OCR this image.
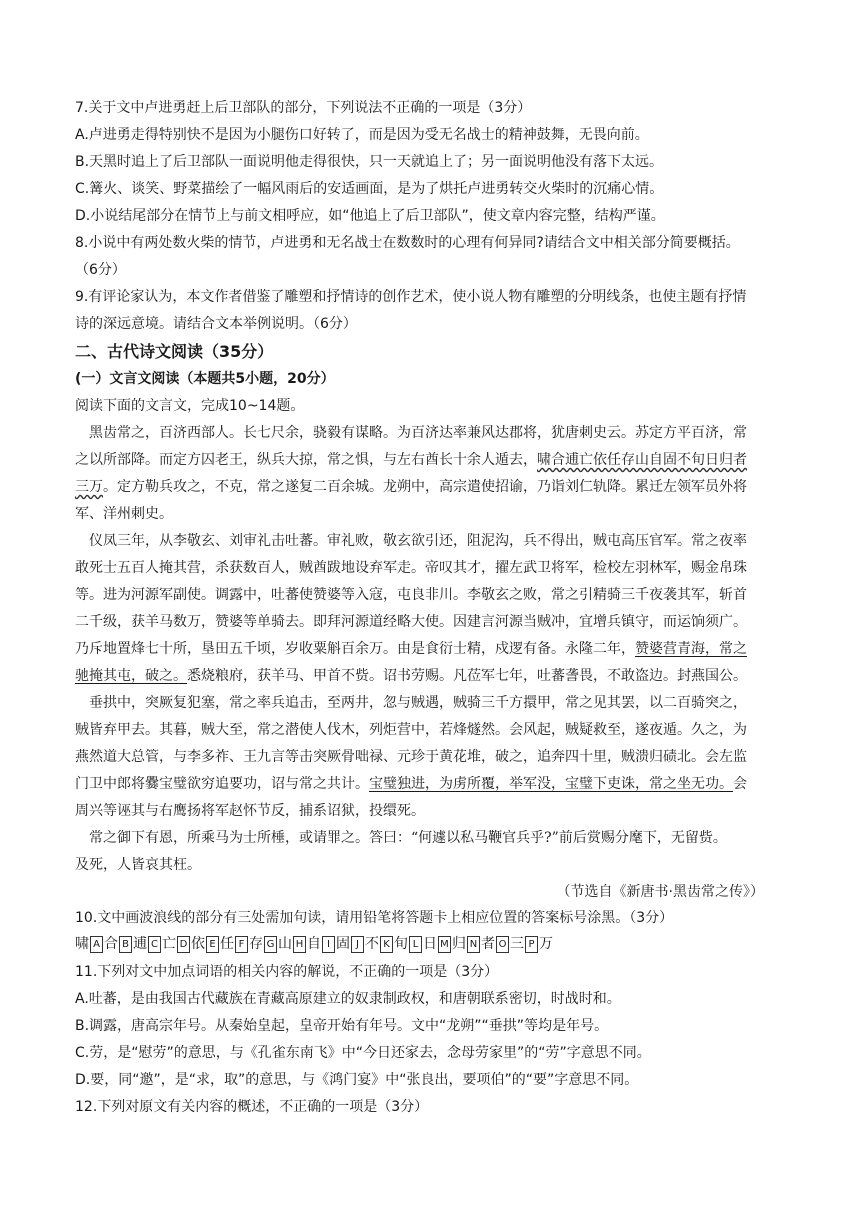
7.关于文中卢进勇赶上后卫部队的部分，下列说法不正确的一项是（3分）
A.卢进勇走得特别快不是因为小腿伤口好转了，而是因为受无名战士的精神鼓舞，无畏向前。
B.天黑时追上了后卫部队一面说明他走得很快，只一天就追上了；另一面说明他没有落下太远。
C.篝火、谈笑、野菜描绘了一幅风雨后的安适画面，是为了烘托卢进勇转交火柴时的沉痛心情。
D.小说结尾部分在情节上与前文相呼应，如“他追上了后卫部队”，使文章内容完整，结构严谨。
8.小说中有两处数火柴的情节，卢进勇和无名战士在数数时的心理有何异同?请结合文中相关部分简要概括。
（6分）
9.有评论家认为，本文作者借鉴了雕塑和抒情诗的创作艺术，使小说人物有雕塑的分明线条，也使主题有抒情
诗的深远意境。请结合文本举例说明。（6分）
二、古代诗文阅读（35分）
(一）文言文阅读（本题共5小题，20分）
阅读下面的文言文，完成10~14题。
黑齿常之，百济西部人。长七尺余，骁毅有谋略。为百济达率兼风达郡将，犹唐刺史云。苏定方平百济，常
之以所部降。而定方囚老王，纵兵大掠，常之惧，与左右酋长十余人遁去，啸合逋亡依任存山自固不旬日归者
三万。定方勒兵攻之，不克，常之遂复二百余城。龙朔中，高宗遣使招谕，乃诣刘仁轨降。累迁左领军员外将
军、洋州刺史。
仪凤三年，从李敬玄、刘审礼击吐蕃。审礼败，敬玄欲引还，阻泥沟，兵不得出，贼屯高压官军。常之夜率
敢死士五百人掩其营，杀获数百人，贼酋跋地设弃军走。帝叹其才，擢左武卫将军，检校左羽林军，赐金帛珠
等。进为河源军副使。调露中，吐蕃使赞婆等入寇，屯良非川。李敬玄之败，常之引精骑三千夜袭其军，斩首
二千级，获羊马数万，赞婆等单骑去。即拜河源道经略大使。因建言河源当贼冲，宜增兵镇守，而运饷须广。
乃斥地置烽七十所，垦田五千顷，岁收粟斛百余万。由是食衍士精，戍逻有备。永隆二年，赞婆营青海，常之
驰掩其屯，破之。悉烧粮府，获羊马、甲首不赀。诏书劳赐。凡莅军七年，吐蕃詟畏，不敢盗边。封燕国公。
垂拱中，突厥复犯塞，常之率兵追击，至两井，忽与贼遇，贼骑三千方擐甲，常之见其罢，以二百骑突之，
贼皆弃甲去。其暮，贼大至，常之潜使人伐木，列炬营中，若烽燧然。会风起，贼疑救至，遂夜遁。久之，为
燕然道大总管，与李多祚、王九言等击突厥骨咄禄、元珍于黄花堆，破之，追奔四十里，贼溃归碛北。会左监
门卫中郎将爨宝璧欲穷追要功，诏与常之共计。宝璧独进，为虏所覆，举军没，宝璧下吏诛，常之坐无功。会
周兴等诬其与右鹰扬将军赵怀节反，捕系诏狱，投缳死。
常之御下有恩，所乘马为士所棰，或请罪之。答曰：“何遽以私马鞭官兵乎?”前后赏赐分麾下，无留赀。
及死，人皆哀其枉。
（节选自《新唐书·黑齿常之传》）
10.文中画波浪线的部分有三处需加句读，请用铅笔将答题卡上相应位置的答案标号涂黑。（3分）
啸 A 合 B 逋 C 亡 D 依 E 任 F 存 G 山 H 自 I 固 J 不 K 旬 L 日 M 归 N 者 O 三 P 万
11.下列对文中加点词语的相关内容的解说，不正确的一项是（3分）
A.吐蕃，是由我国古代藏族在青藏高原建立的奴隶制政权，和唐朝联系密切，时战时和。
B.调露，唐高宗年号。从秦始皇起，皇帝开始有年号。文中“龙朔”“垂拱”等均是年号。
C.劳，是“慰劳”的意思，与《孔雀东南飞》中“今日还家去，念母劳家里”的“劳”字意思不同。
D.要，同“邀”，是“求，取”的意思，与《鸿门宴》中“张良出，要项伯”的“要”字意思不同。
12.下列对原文有关内容的概述，不正确的一项是（3分）
